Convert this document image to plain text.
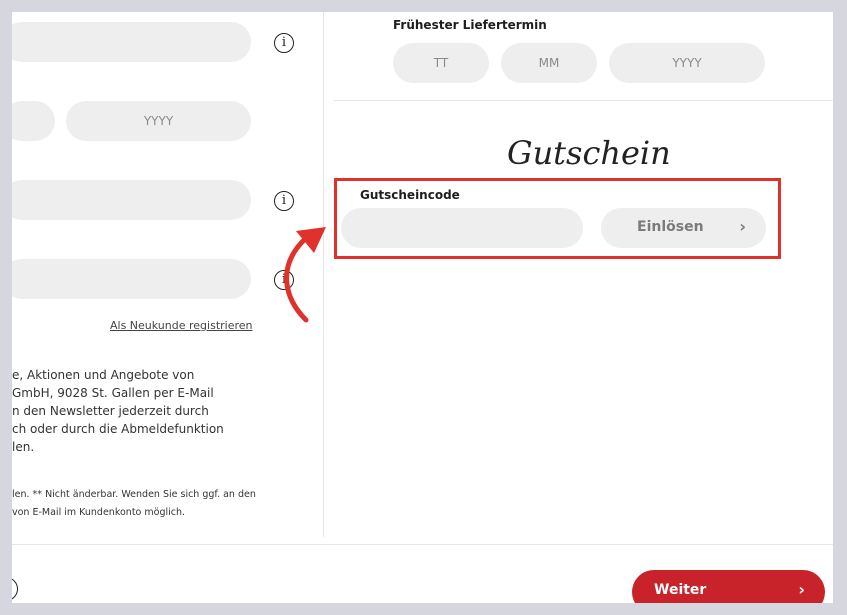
i
YYYY
i
i
Als Neukunde registrieren
e, Aktionen und Angebote von
GmbH, 9028 St. Gallen per E-Mail
n den Newsletter jederzeit durch
ch oder durch die Abmeldefunktion
len.
len. ** Nicht änderbar. Wenden Sie sich ggf. an den
von E-Mail im Kundenkonto möglich.
Frühester Liefertermin
TT	MM	YYYY
Gutschein
Gutscheincode
Einlösen ›
Weiter	›
